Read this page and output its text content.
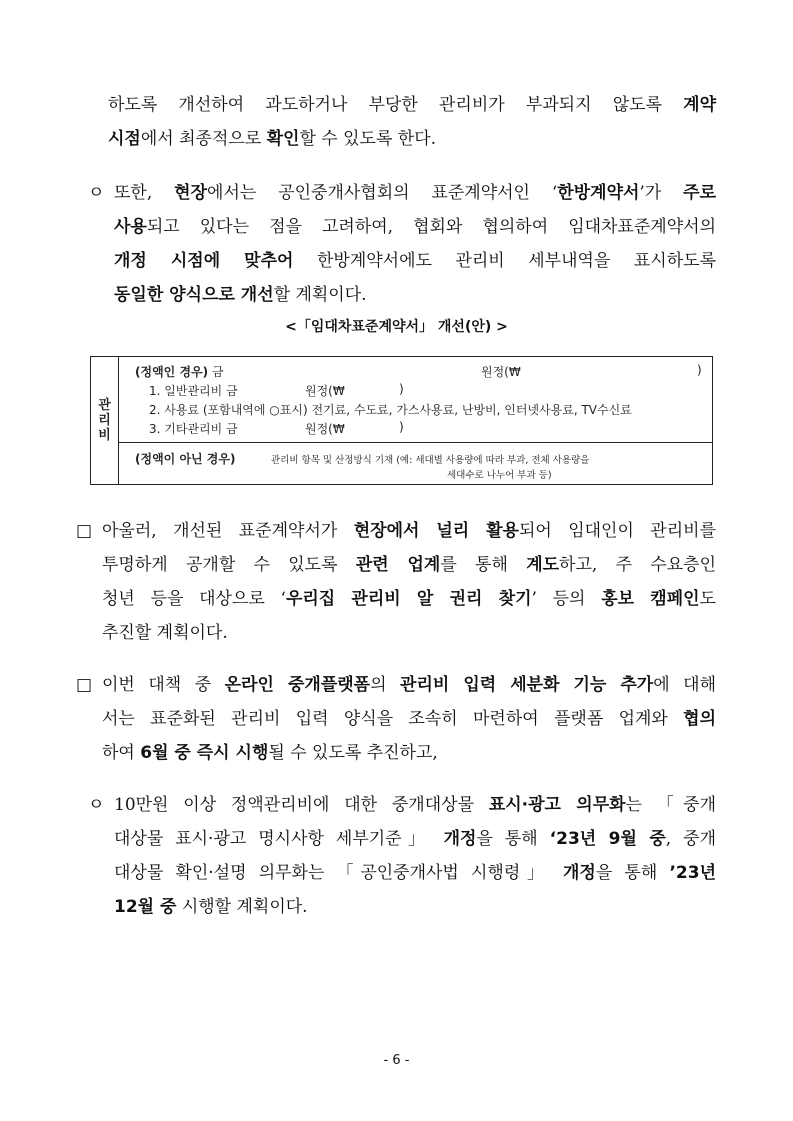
하도록 개선하여 과도하거나 부당한 관리비가 부과되지 않도록 계약
시점에서 최종적으로 확인할 수 있도록 한다.
ㅇ 또한, 현장에서는 공인중개사협회의 표준계약서인 ‘한방계약서’가 주로
사용되고 있다는 점을 고려하여, 협회와 협의하여 임대차표준계약서의
개정 시점에 맞추어 한방계약서에도 관리비 세부내역을 표시하도록
동일한 양식으로 개선할 계획이다.
<「임대차표준계약서」 개선(안) >
관
리
비
(정액인 경우) 금	원정(₩	)
1. 일반관리비 금	원정(₩	)
2. 사용료 (포함내역에 ○표시) 전기료, 수도료, 가스사용료, 난방비, 인터넷사용료, TV수신료
3. 기타관리비 금	원정(₩	)
(정액이 아닌 경우)	관리비 항목 및 산정방식 기재 (예: 세대별 사용량에 따라 부과, 전체 사용량을
세대수로 나누어 부과 등)
□ 아울러, 개선된 표준계약서가 현장에서 널리 활용되어 임대인이 관리비를
투명하게 공개할 수 있도록 관련 업계를 통해 계도하고, 주 수요층인
청년 등을 대상으로 ‘우리집 관리비 알 권리 찾기’ 등의 홍보 캠페인도
추진할 계획이다.
□ 이번 대책 중 온라인 중개플랫폼의 관리비 입력 세분화 기능 추가에 대해
서는 표준화된 관리비 입력 양식을 조속히 마련하여 플랫폼 업계와 협의
하여 6월 중 즉시 시행될 수 있도록 추진하고,
ㅇ 10만원 이상 정액관리비에 대한 중개대상물 표시·광고 의무화는 「중개
대상물 표시·광고 명시사항 세부기준」 개정을 통해 ‘23년 9월 중, 중개
대상물 확인·설명 의무화는 「공인중개사법 시행령」 개정을 통해 ’23년
12월 중 시행할 계획이다.
- 6 -
